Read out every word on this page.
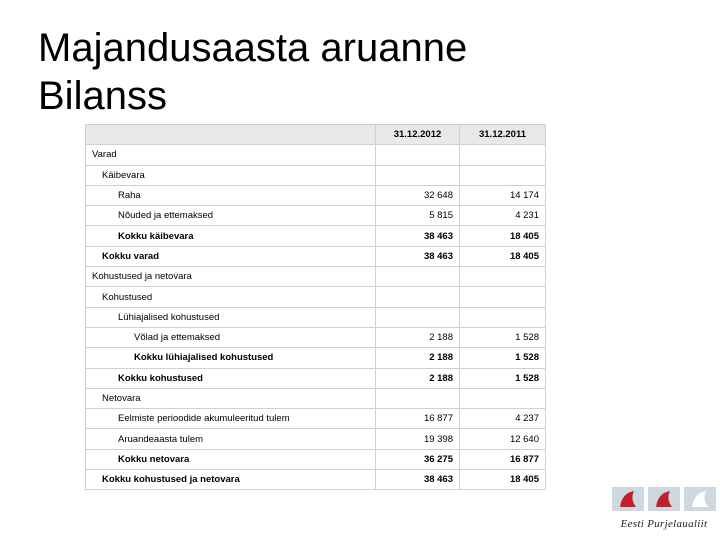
Majandusaasta aruanne
Bilanss
	31.12.2012	31.12.2011
Varad		
Käibevara		
Raha	32 648	14 174
Nõuded ja ettemaksed	5 815	4 231
Kokku käibevara	38 463	18 405
Kokku varad	38 463	18 405
Kohustused ja netovara		
Kohustused		
Lühiajalised kohustused		
Võlad ja ettemaksed	2 188	1 528
Kokku lühiajalised kohustused	2 188	1 528
Kokku kohustused	2 188	1 528
Netovara		
Eelmiste perioodide akumuleeritud tulem	16 877	4 237
Aruandeaasta tulem	19 398	12 640
Kokku netovara	36 275	16 877
Kokku kohustused ja netovara	38 463	18 405
Eesti Purjelaualiit
